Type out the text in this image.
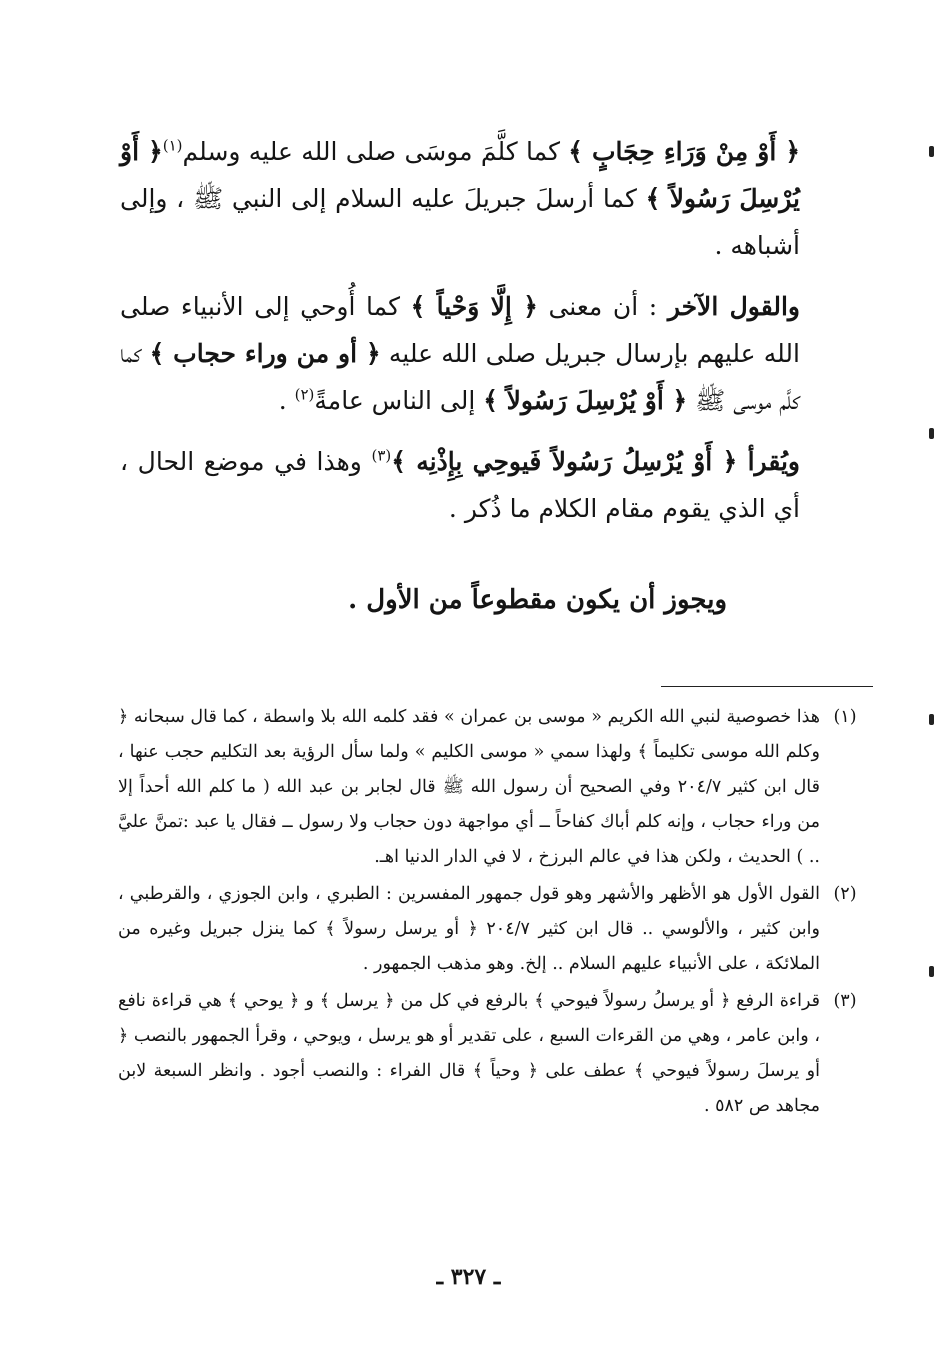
﴿ أَوْ مِنْ وَرَاءِ حِجَابٍ ﴾ كما كلَّمَ موسَى صلى الله عليه وسلم$^{(١)}$﴿ أَوْ يُرْسِلَ رَسُولاً ﴾ كما أرسلَ جبريلَ عليه السلام إلى النبي ﷺ ، وإلى أشباهه .

والقول الآخر : أن معنى ﴿ إِلَّا وَحْياً ﴾ كما أُوحي إلى الأنبياء صلى الله عليهم بإرسال جبريل صلى الله عليه ﴿ أو من وراء حجاب ﴾ كما كلَّم موسى ﷺ ﴿ أَوْ يُرْسِلَ رَسُولاً ﴾ إلى الناس عامةً$^{(٢)}$ .

ويُقرأ ﴿ أَوْ يُرْسِلُ رَسُولاً فَيوحِي بِإِذْنِه ﴾$^{(٣)}$ وهذا في موضع الحال ، أي الذي يقوم مقام الكلام ما ذُكر .

ويجوز أن يكون مقطوعاً من الأول .
(١)
هذا خصوصية لنبي الله الكريم « موسى بن عمران » فقد كلمه الله بلا واسطة ، كما قال سبحانه ﴿ وكلم الله موسى تكليماً ﴾ ولهذا سمي « موسى الكليم » ولما سأل الرؤية بعد التكليم حجب عنها ، قال ابن كثير ٢٠٤/٧ وفي الصحيح أن رسول الله ﷺ قال لجابر بن عبد الله ( ما كلم الله أحداً إلا من وراء حجاب ، وإنه كلم أباك كفاحاً ــ أي مواجهة دون حجاب ولا رسول ــ فقال يا عبد :تمنَّ عليَّ .. ) الحديث ، ولكن هذا في عالم البرزخ ، لا في الدار الدنيا اهـ.
(٢)
القول الأول هو الأظهر والأشهر وهو قول جمهور المفسرين : الطبري ، وابن الجوزي ، والقرطبي ، وابن كثير ، والألوسي .. قال ابن كثير ٢٠٤/٧ ﴿ أو يرسل رسولاً ﴾ كما ينزل جبريل وغيره من الملائكة ، على الأنبياء عليهم السلام .. إلخ. وهو مذهب الجمهور .
(٣)
قراءة الرفع ﴿ أو يرسلُ رسولاً فيوحي ﴾ بالرفع في كل من ﴿ يرسل ﴾ و ﴿ يوحي ﴾ هي قراءة نافع ، وابن عامر ، وهي من القرءات السبع ، على تقدير أو هو يرسل ، ويوحي ، وقرأ الجمهور بالنصب ﴿ أو يرسلَ رسولاً فيوحي ﴾ عطف على ﴿ وحياً ﴾ قال الفراء : والنصب أجود . وانظر السبعة لابن مجاهد ص ٥٨٢ .
ـ ٣٢٧ ـ
